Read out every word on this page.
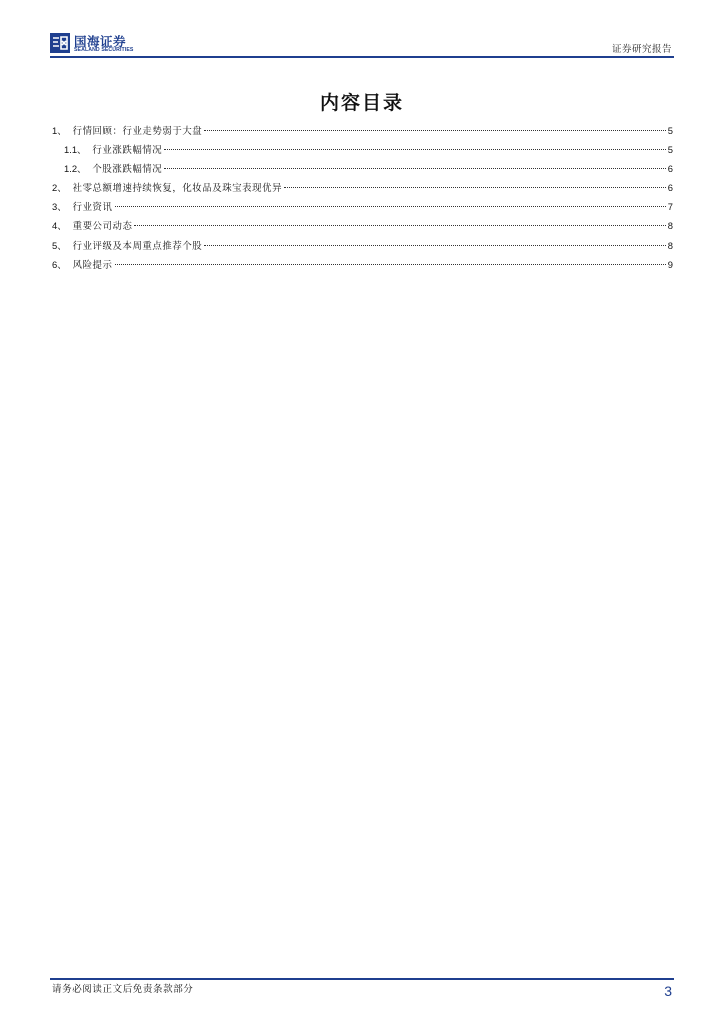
国海证券
SEALAND SECURITIES	证券研究报告
内容目录
1、 行情回顾：行业走势弱于大盘	5
1.1、 行业涨跌幅情况	5
1.2、 个股涨跌幅情况	6
2、 社零总额增速持续恢复，化妆品及珠宝表现优异	6
3、 行业资讯	7
4、 重要公司动态	8
5、 行业评级及本周重点推荐个股	8
6、 风险提示	9
请务必阅读正文后免责条款部分	3
